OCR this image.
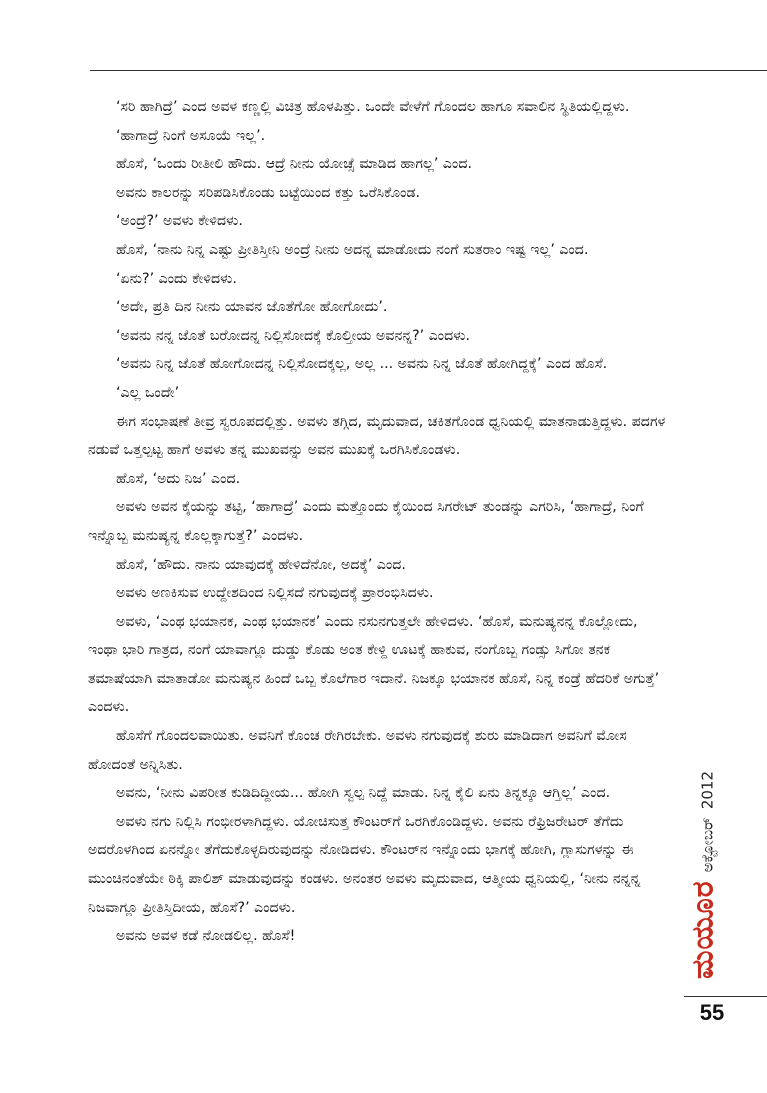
‘ಸರಿ ಹಾಗಿದ್ರೆ’ ಎಂದ ಅವಳ ಕಣ್ಣಲ್ಲಿ ವಿಚಿತ್ರ ಹೊಳಪಿತ್ತು. ಒಂದೇ ವೇಳೆಗೆ ಗೊಂದಲ ಹಾಗೂ ಸವಾಲಿನ ಸ್ಥಿತಿಯಲ್ಲಿದ್ದಳು.

‘ಹಾಗಾದ್ರೆ ನಿಂಗೆ ಅಸೂಯೆ ಇಲ್ಲ’.

ಹೊಸೆ, ‘ಒಂದು ರೀತೀಲಿ ಹೌದು. ಆದ್ರೆ ನೀನು ಯೋಚ್ಸೆ ಮಾಡಿದ ಹಾಗಲ್ಲ’ ಎಂದ.

ಅವನು ಕಾಲರನ್ನು ಸರಿಪಡಿಸಿಕೊಂಡು ಬಟ್ಟೆಯಿಂದ ಕತ್ತು ಒರೆಸಿಕೊಂಡ.

‘ಅಂದ್ರೆ?’ ಅವಳು ಕೇಳಿದಳು.

ಹೊಸೆ, ‘ನಾನು ನಿನ್ನ ಎಷ್ಟು ಪ್ರೀತಿಸ್ತೀನಿ ಅಂದ್ರೆ ನೀನು ಅದನ್ನ ಮಾಡೋದು ನಂಗೆ ಸುತರಾಂ ಇಷ್ಟ ಇಲ್ಲ’ ಎಂದ.

‘ಏನು?’ ಎಂದು ಕೇಳಿದಳು.

‘ಅದೇ, ಪ್ರತಿ ದಿನ ನೀನು ಯಾವನ ಜೊತೆಗೋ ಹೋಗೋದು’.

‘ಅವನು ನನ್ನ ಜೊತೆ ಬರೋದನ್ನ ನಿಲ್ಲಿಸೋದಕ್ಕೆ ಕೊಲ್ತೀಯ ಅವನನ್ನ?’ ಎಂದಳು.

‘ಅವನು ನಿನ್ನ ಜೊತೆ ಹೋಗೋದನ್ನ ನಿಲ್ಲಿಸೋದಕ್ಕಲ್ಲ, ಅಲ್ಲ ... ಅವನು ನಿನ್ನ ಜೊತೆ ಹೋಗಿದ್ದಕ್ಕೆ’ ಎಂದ ಹೊಸೆ.

‘ಎಲ್ಲ ಒಂದೇ’

ಈಗ ಸಂಭಾಷಣೆ ತೀವ್ರ ಸ್ವರೂಪದಲ್ಲಿತ್ತು. ಅವಳು ತಗ್ಗಿದ, ಮೃದುವಾದ, ಚಕಿತಗೊಂಡ ಧ್ವನಿಯಲ್ಲಿ ಮಾತನಾಡುತ್ತಿದ್ದಳು. ಪದಗಳ ನಡುವೆ ಒತ್ತಲ್ಪಟ್ಟ ಹಾಗೆ ಅವಳು ತನ್ನ ಮುಖವನ್ನು ಅವನ ಮುಖಕ್ಕೆ ಒರಗಿಸಿಕೊಂಡಳು.

ಹೊಸೆ, ‘ಅದು ನಿಜ’ ಎಂದ.

ಅವಳು ಅವನ ಕೈಯನ್ನು ತಟ್ಟಿ, ‘ಹಾಗಾದ್ರೆ’ ಎಂದು ಮತ್ತೊಂದು ಕೈಯಿಂದ ಸಿಗರೇಟ್ ತುಂಡನ್ನು ಎಗರಿಸಿ, ‘ಹಾಗಾದ್ರೆ, ನಿಂಗೆ ಇನ್ನೊಬ್ಬ ಮನುಷ್ಯನ್ನ ಕೊಲ್ಲಕ್ಕಾಗುತ್ತೆ?’ ಎಂದಳು.

ಹೊಸೆ, ‘ಹೌದು. ನಾನು ಯಾವುದಕ್ಕೆ ಹೇಳಿದೆನೋ, ಅದಕ್ಕೆ’ ಎಂದ.

ಅವಳು ಅಣಕಿಸುವ ಉದ್ದೇಶದಿಂದ ನಿಲ್ಲಿಸದೆ ನಗುವುದಕ್ಕೆ ಪ್ರಾರಂಭಿಸಿದಳು.

ಅವಳು, ‘ಎಂಥ ಭಯಾನಕ, ಎಂಥ ಭಯಾನಕ’ ಎಂದು ನಸುನಗುತ್ತಲೇ ಹೇಳಿದಳು. ‘ಹೊಸೆ, ಮನುಷ್ಯನನ್ನ ಕೊಲ್ಲೋದು, ಇಂಥಾ ಭಾರಿ ಗಾತ್ರದ, ನಂಗೆ ಯಾವಾಗ್ಲೂ ದುಡ್ಡು ಕೊಡು ಅಂತ ಕೇಳ್ದಿ ಊಟಕ್ಕೆ ಹಾಕುವ, ನಂಗೊಬ್ಬ ಗಂಡ್ಸು ಸಿಗೋ ತನಕ ತಮಾಷೆಯಾಗಿ ಮಾತಾಡೋ ಮನುಷ್ಯನ ಹಿಂದೆ ಒಬ್ಬ ಕೊಲೆಗಾರ ಇದಾನೆ. ನಿಜಕ್ಕೂ ಭಯಾನಕ ಹೊಸೆ, ನಿನ್ನ ಕಂಡ್ರೆ ಹೆದರಿಕೆ ಅಗುತ್ತೆ’ ಎಂದಳು.

ಹೊಸೆಗೆ ಗೊಂದಲವಾಯಿತು. ಅವನಿಗೆ ಕೊಂಚ ರೇಗಿರಬೇಕು. ಅವಳು ನಗುವುದಕ್ಕೆ ಶುರು ಮಾಡಿದಾಗ ಅವನಿಗೆ ಮೋಸ ಹೋದಂತೆ ಅನ್ನಿಸಿತು.

ಅವನು, ‘ನೀನು ವಿಪರೀತ ಕುಡಿದಿದ್ದೀಯ... ಹೋಗಿ ಸ್ವಲ್ಪ ನಿದ್ದೆ ಮಾಡು. ನಿನ್ನ ಕೈಲಿ ಏನು ತಿನ್ನಕ್ಕೂ ಆಗ್ತಿಲ್ಲ’ ಎಂದ.

ಅವಳು ನಗು ನಿಲ್ಲಿಸಿ ಗಂಭೀರಳಾಗಿದ್ದಳು. ಯೋಚಿಸುತ್ತ ಕೌಂಟರ್‌ಗೆ ಒರಗಿಕೊಂಡಿದ್ದಳು. ಅವನು ರೆಫ್ರಿಜರೇಟರ್ ತೆಗೆದು ಅದರೊಳಗಿಂದ ಏನನ್ನೋ ತೆಗೆದುಕೊಳ್ಳದಿರುವುದನ್ನು ನೋಡಿದಳು. ಕೌಂಟರ್‌ನ ಇನ್ನೊಂದು ಭಾಗಕ್ಕೆ ಹೋಗಿ, ಗ್ಲಾಸುಗಳನ್ನು ಈ ಮುಂಚಿನಂತೆಯೇ ಠಿಕ್ಕಿ ಪಾಲಿಶ್ ಮಾಡುವುದನ್ನು ಕಂಡಳು. ಅನಂತರ ಅವಳು ಮೃದುವಾದ, ಆತ್ಮೀಯ ಧ್ವನಿಯಲ್ಲಿ, ‘ನೀನು ನನ್ನನ್ನ ನಿಜವಾಗ್ಲೂ ಪ್ರೀತಿಸ್ತಿದೀಯ, ಹೊಸೆ?’ ಎಂದಳು.

ಅವನು ಅವಳ ಕಡೆ ನೋಡಲಿಲ್ಲ. ಹೊಸೆ!	ಮಯೂರ
ಅಕ್ಟೋಬರ್
2012
55
